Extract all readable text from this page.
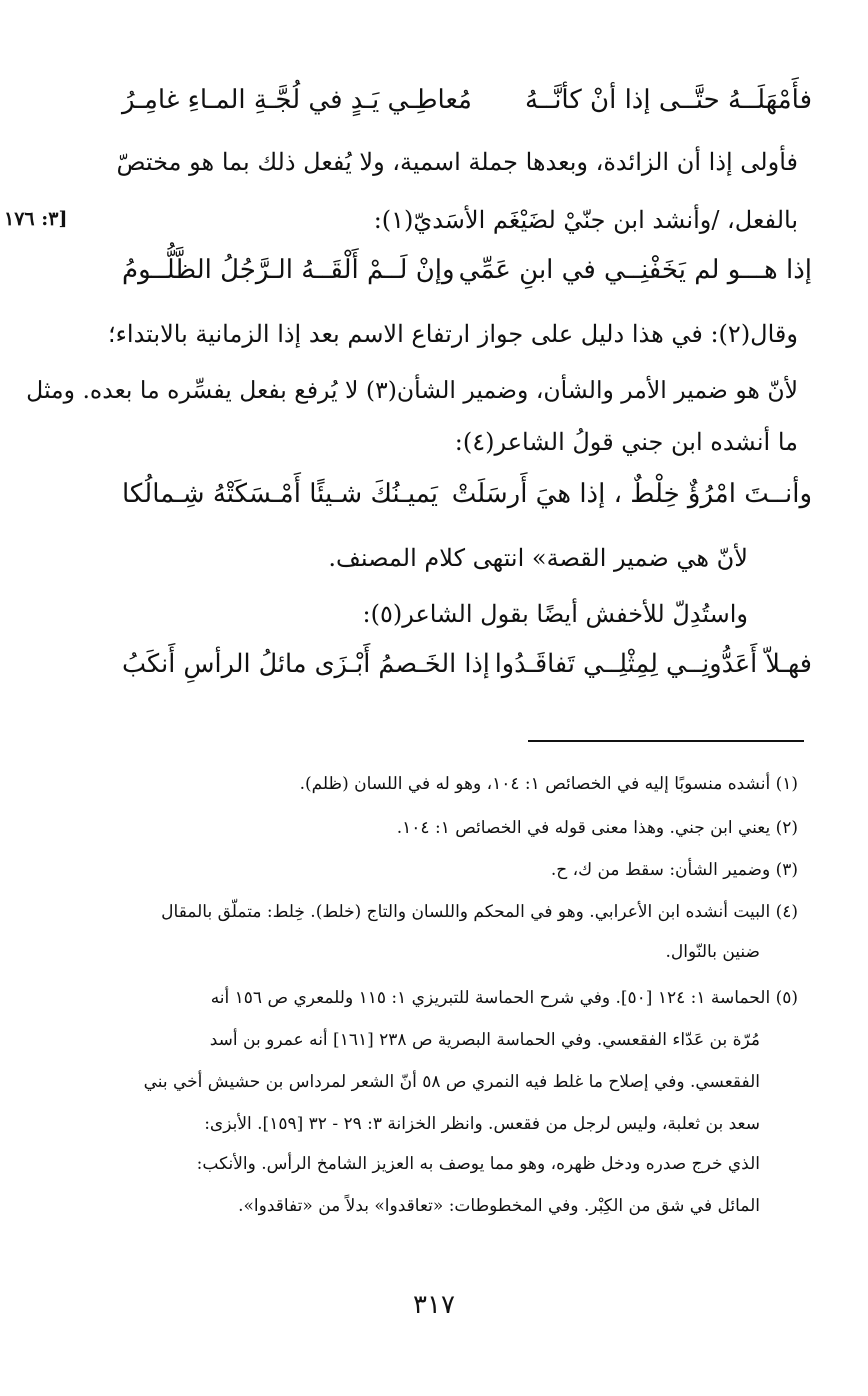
فأَمْهَلَــهُ حتَّــى إذا أنْ كأنَّــهُ
مُعاطِـي يَـدٍ في لُجَّـةِ المـاءِ غامِـرُ
فأولى إذا أن الزائدة، وبعدها جملة اسمية، ولا يُفعل ذلك بما هو مختصّ
[٣: ١٧٦	بالفعل، /وأنشد ابن جنّيْ لضَيْغَم الأسَديّ(١):
إذا هـــو لم يَخَفْنِــي في ابنِ عَمِّي
وإنْ لَــمْ أَلْقَــهُ الـرَّجُلُ الظَّلُّــومُ
وقال(٢): في هذا دليل على جواز ارتفاع الاسم بعد إذا الزمانية بالابتداء؛
لأنّ هو ضمير الأمر والشأن، وضمير الشأن(٣) لا يُرفع بفعل يفسِّره ما بعده. ومثل
ما أنشده ابن جني قولُ الشاعر(٤):
وأنــتَ امْرُؤٌ خِلْطٌ ، إذا هيَ أَرسَلَتْ
يَميـنُكَ شـيئًا أَمْـسَكَتْهُ شِـمالُكا
لأنّ هي ضمير القصة» انتهى كلام المصنف.
واستُدِلّ للأخفش أيضًا بقول الشاعر(٥):
فهـلاّ أَعَدُّونِــي لِمِثْلِــي تَفاقَـدُوا
إذا الخَـصمُ أَبْـزَى مائلُ الرأسِ أَنكَبُ
(١) أنشده منسوبًا إليه في الخصائص ١: ١٠٤، وهو له في اللسان (ظلم).
(٢) يعني ابن جني. وهذا معنى قوله في الخصائص ١: ١٠٤.
(٣) وضمير الشأن: سقط من ك، ح.
(٤) البيت أنشده ابن الأعرابي. وهو في المحكم واللسان والتاج (خلط). خِلط: متملّق بالمقال
ضنين بالنّوال.
(٥) الحماسة ١: ١٢٤ [٥٠]. وفي شرح الحماسة للتبريزي ١: ١١٥ وللمعري ص ١٥٦ أنه
مُرّة بن عَدّاء الفقعسي. وفي الحماسة البصرية ص ٢٣٨ [١٦١] أنه عمرو بن أسد
الفقعسي. وفي إصلاح ما غلط فيه النمري ص ٥٨ أنّ الشعر لمرداس بن حشيش أخي بني
سعد بن ثعلبة، وليس لرجل من فقعس. وانظر الخزانة ٣: ٢٩ - ٣٢ [١٥٩]. الأبزى:
الذي خرج صدره ودخل ظهره، وهو مما يوصف به العزيز الشامخ الرأس. والأنكب:
المائل في شق من الكِبْر. وفي المخطوطات: «تعاقدوا» بدلاً من «تفاقدوا».
٣١٧
